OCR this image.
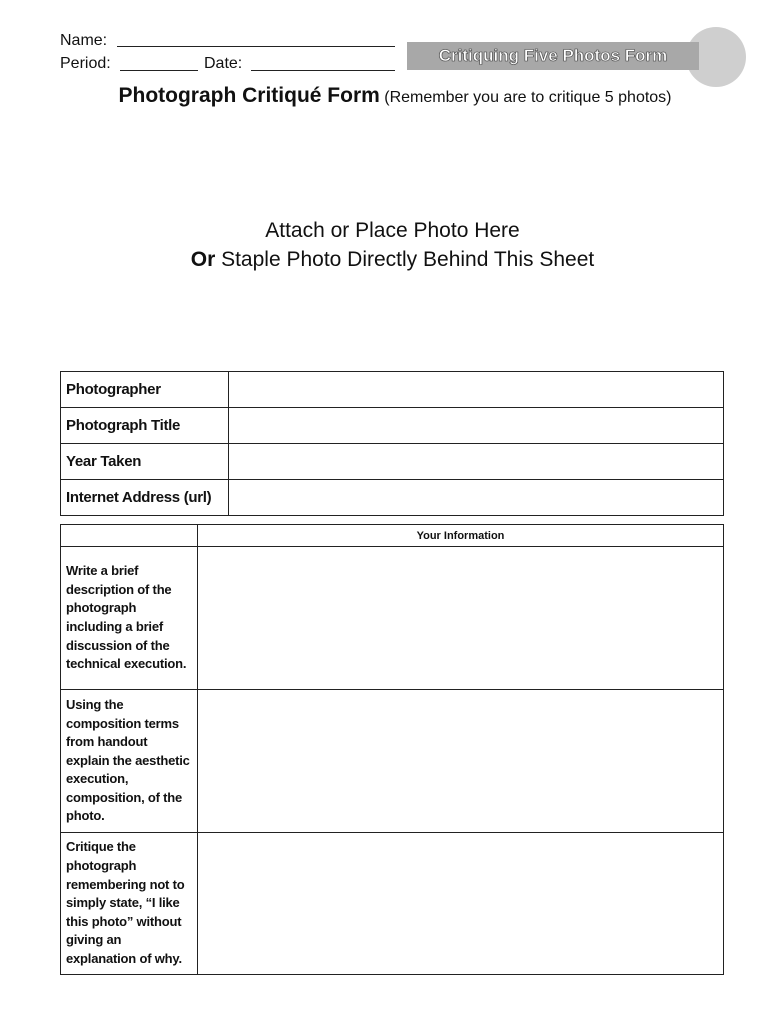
Name:
Period:	Date:	Critiquing Five Photos Form
Photograph Critiqué Form (Remember you are to critique 5 photos)
Attach or Place Photo Here
Or Staple Photo Directly Behind This Sheet
Photographer	
Photograph Title	
Year Taken	
Internet Address (url)	
	Your Information
Write a brief description of the photograph including a brief discussion of the technical execution.	
Using the composition terms from handout explain the aesthetic execution, composition, of the photo.	
Critique the photograph remembering not to simply state, “I like this photo” without giving an explanation of why.	
